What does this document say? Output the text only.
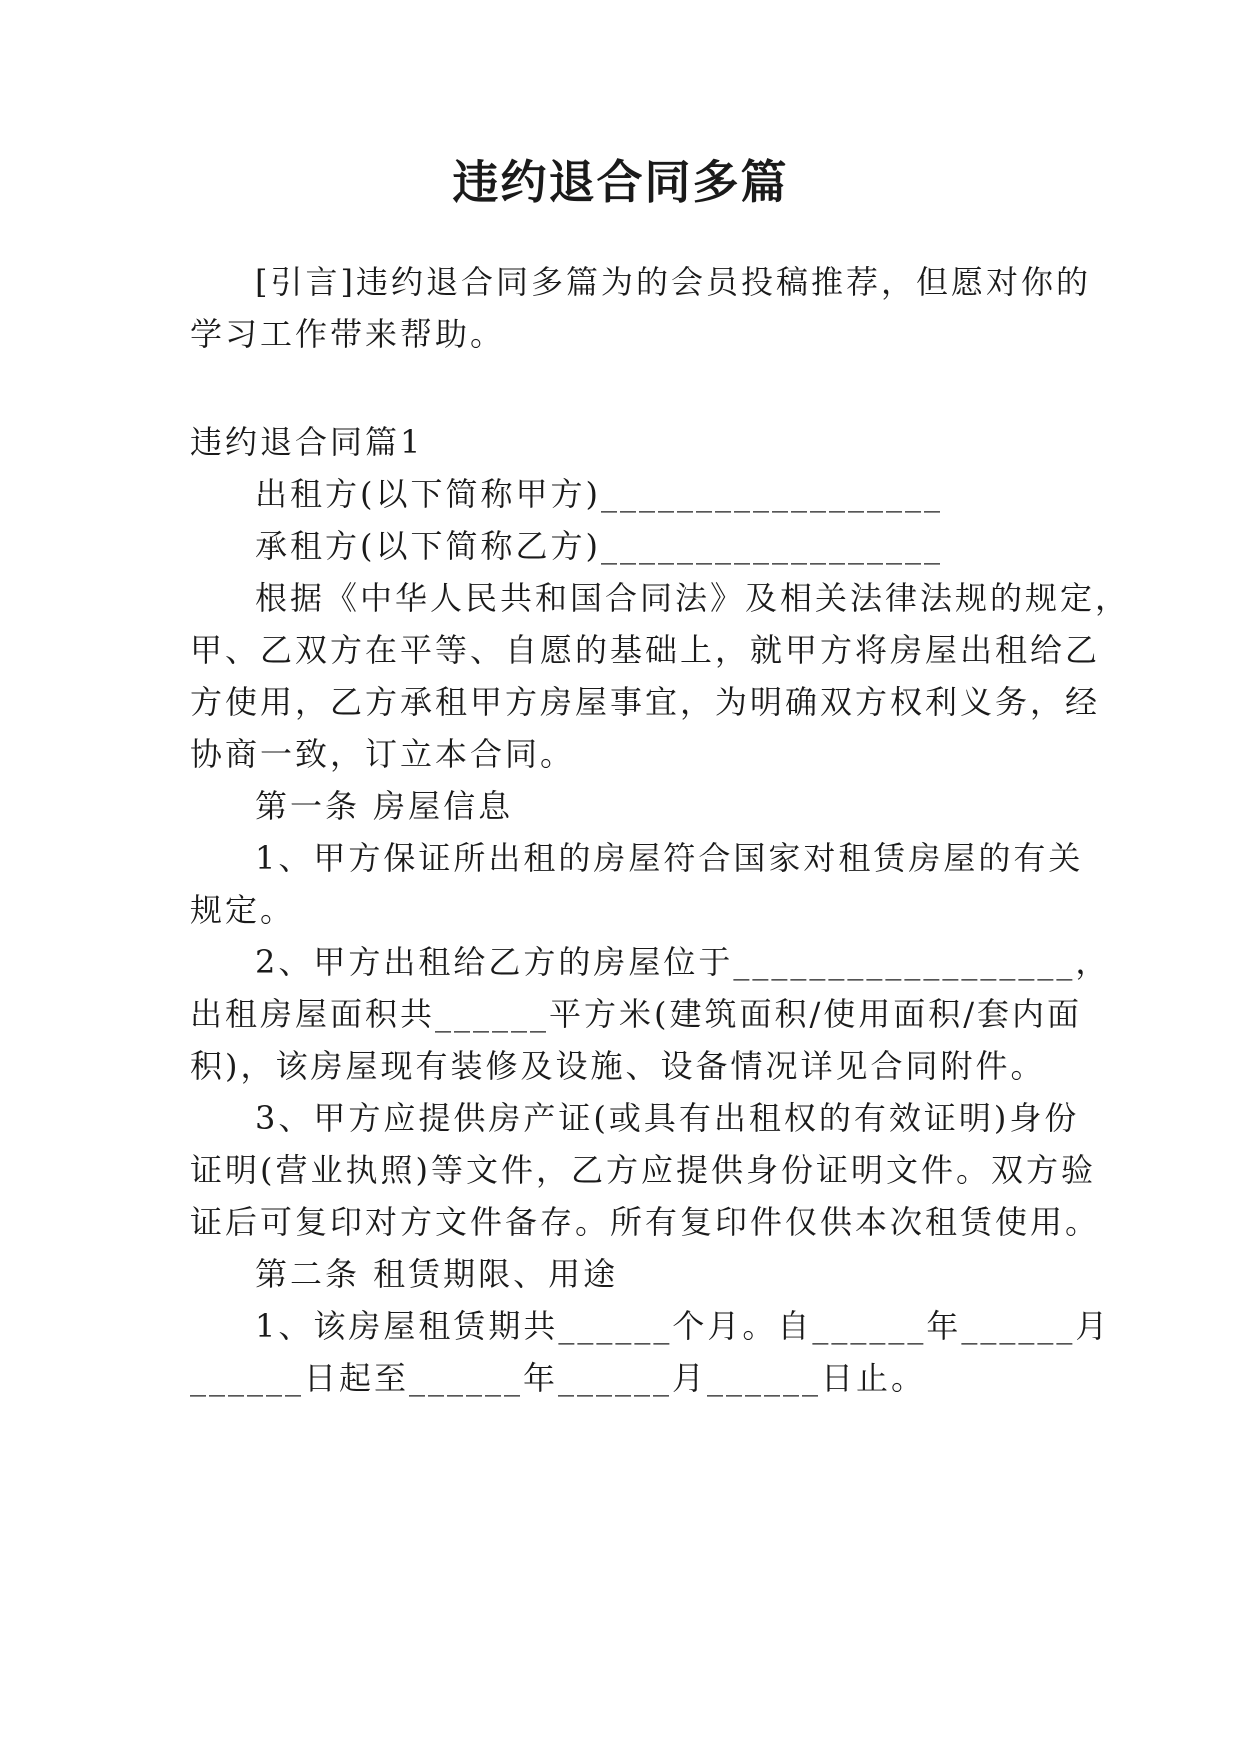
违约退合同多篇

[引言]违约退合同多篇为的会员投稿推荐，但愿对你的

学习工作带来帮助。

违约退合同篇1

出租方(以下简称甲方)__________________

承租方(以下简称乙方)__________________

根据《中华人民共和国合同法》及相关法律法规的规定，

甲、乙双方在平等、自愿的基础上，就甲方将房屋出租给乙

方使用，乙方承租甲方房屋事宜，为明确双方权利义务，经

协商一致，订立本合同。

第一条 房屋信息

1、甲方保证所出租的房屋符合国家对租赁房屋的有关

规定。

2、甲方出租给乙方的房屋位于__________________，

出租房屋面积共______平方米(建筑面积/使用面积/套内面

积)，该房屋现有装修及设施、设备情况详见合同附件。

3、甲方应提供房产证(或具有出租权的有效证明)身份

证明(营业执照)等文件，乙方应提供身份证明文件。双方验

证后可复印对方文件备存。所有复印件仅供本次租赁使用。

第二条 租赁期限、用途

1、该房屋租赁期共______个月。自______年______月

______日起至______年______月______日止。
